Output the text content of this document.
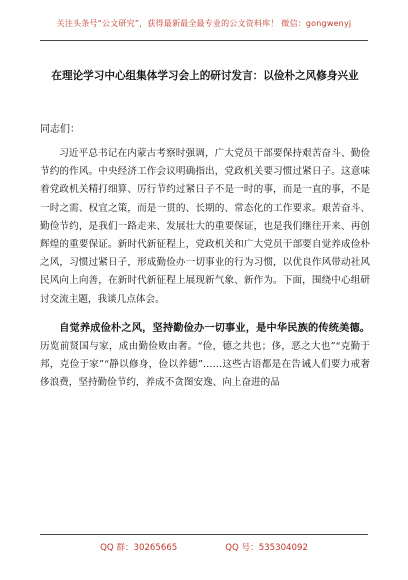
关注头条号“公文研究”，获得最新最全最专业的公文资料库！ 微信：gongwenyj
在理论学习中心组集体学习会上的研讨发言：以俭朴之风修身兴业
同志们：

习近平总书记在内蒙古考察时强调，广大党员干部要保持艰苦奋斗、勤俭节约的作风。中央经济工作会议明确指出，党政机关要习惯过紧日子。这意味着党政机关精打细算、厉行节约过紧日子不是一时的事，而是一直的事，不是一时之需、权宜之策，而是一贯的、长期的、常态化的工作要求。艰苦奋斗、勤俭节约，是我们一路走来、发展壮大的重要保证，也是我们继往开来、再创辉煌的重要保证。新时代新征程上，党政机关和广大党员干部要自觉养成俭朴之风，习惯过紧日子，形成勤俭办一切事业的行为习惯，以优良作风带动社风民风向上向善，在新时代新征程上展现新气象、新作为。下面，围绕中心组研讨交流主题，我谈几点体会。

自觉养成俭朴之风，坚持勤俭办一切事业，是中华民族的传统美德。历览前贤国与家，成由勤俭败由奢。“俭，德之共也；侈，恶之大也”“克勤于邦，克俭于家”“静以修身，俭以养德”……这些古语都是在告诫人们要力戒奢侈浪费，坚持勤俭节约，养成不贪图安逸、向上奋进的品

QQ 群：30265665	QQ 号：535304092
